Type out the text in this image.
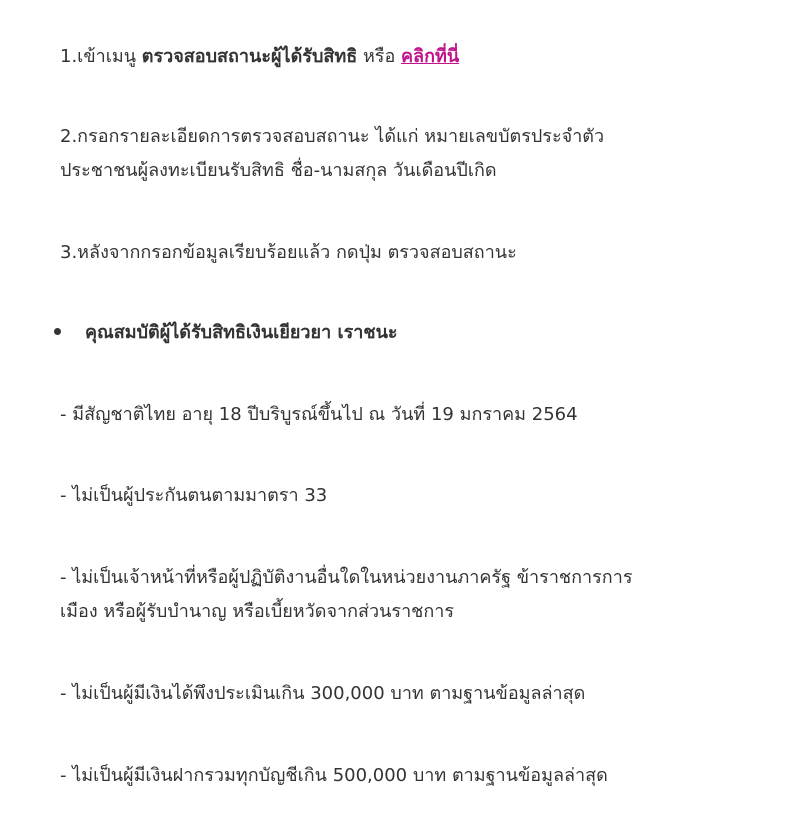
1.เข้าเมนู ตรวจสอบสถานะผู้ได้รับสิทธิ หรือ คลิกที่นี่

2.กรอกรายละเอียดการตรวจสอบสถานะ ได้แก่ หมายเลขบัตรประจำตัว
ประชาชนผู้ลงทะเบียนรับสิทธิ ชื่อ-นามสกุล วันเดือนปีเกิด

3.หลังจากกรอกข้อมูลเรียบร้อยแล้ว กดปุ่ม ตรวจสอบสถานะ

คุณสมบัติผู้ได้รับสิทธิเงินเยียวยา เราชนะ

- มีสัญชาติไทย อายุ 18 ปีบริบูรณ์ขึ้นไป ณ วันที่ 19 มกราคม 2564

- ไม่เป็นผู้ประกันตนตามมาตรา 33

- ไม่เป็นเจ้าหน้าที่หรือผู้ปฏิบัติงานอื่นใดในหน่วยงานภาครัฐ ข้าราชการการ
เมือง หรือผู้รับบำนาญ หรือเบี้ยหวัดจากส่วนราชการ

- ไม่เป็นผู้มีเงินได้พึงประเมินเกิน 300,000 บาท ตามฐานข้อมูลล่าสุด

- ไม่เป็นผู้มีเงินฝากรวมทุกบัญชีเกิน 500,000 บาท ตามฐานข้อมูลล่าสุด
